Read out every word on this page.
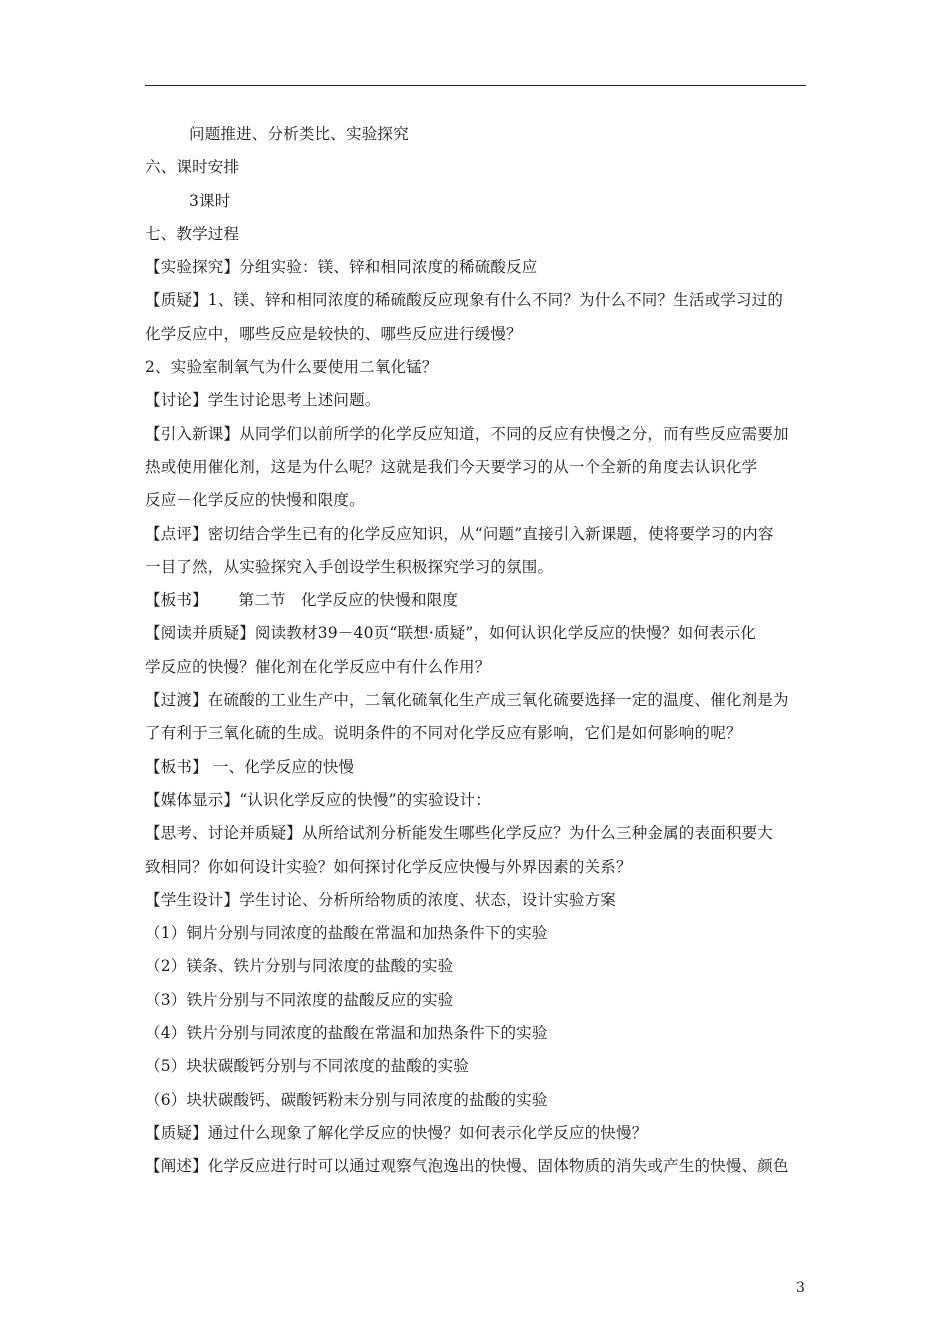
问题推进、分析类比、实验探究
六、课时安排
3课时
七、教学过程
【实验探究】分组实验：镁、锌和相同浓度的稀硫酸反应
【质疑】1、镁、锌和相同浓度的稀硫酸反应现象有什么不同？为什么不同？生活或学习过的
化学反应中，哪些反应是较快的、哪些反应进行缓慢？
2、实验室制氧气为什么要使用二氧化锰？
【讨论】学生讨论思考上述问题。
【引入新课】从同学们以前所学的化学反应知道，不同的反应有快慢之分，而有些反应需要加
热或使用催化剂，这是为什么呢？这就是我们今天要学习的从一个全新的角度去认识化学
反应－化学反应的快慢和限度。
【点评】密切结合学生已有的化学反应知识，从“问题”直接引入新课题，使将要学习的内容
一目了然，从实验探究入手创设学生积极探究学习的氛围。
【板书】      第二节   化学反应的快慢和限度
【阅读并质疑】阅读教材39－40页“联想·质疑”，如何认识化学反应的快慢？如何表示化
学反应的快慢？催化剂在化学反应中有什么作用？
【过渡】在硫酸的工业生产中，二氧化硫氧化生产成三氧化硫要选择一定的温度、催化剂是为
了有利于三氧化硫的生成。说明条件的不同对化学反应有影响，它们是如何影响的呢？
【板书】 一、化学反应的快慢
【媒体显示】“认识化学反应的快慢”的实验设计：
【思考、讨论并质疑】从所给试剂分析能发生哪些化学反应？为什么三种金属的表面积要大
致相同？你如何设计实验？如何探讨化学反应快慢与外界因素的关系？
【学生设计】学生讨论、分析所给物质的浓度、状态，设计实验方案
（1）铜片分别与同浓度的盐酸在常温和加热条件下的实验
（2）镁条、铁片分别与同浓度的盐酸的实验
（3）铁片分别与不同浓度的盐酸反应的实验
（4）铁片分别与同浓度的盐酸在常温和加热条件下的实验
（5）块状碳酸钙分别与不同浓度的盐酸的实验
（6）块状碳酸钙、碳酸钙粉末分别与同浓度的盐酸的实验
【质疑】通过什么现象了解化学反应的快慢？如何表示化学反应的快慢？
【阐述】化学反应进行时可以通过观察气泡逸出的快慢、固体物质的消失或产生的快慢、颜色
3
